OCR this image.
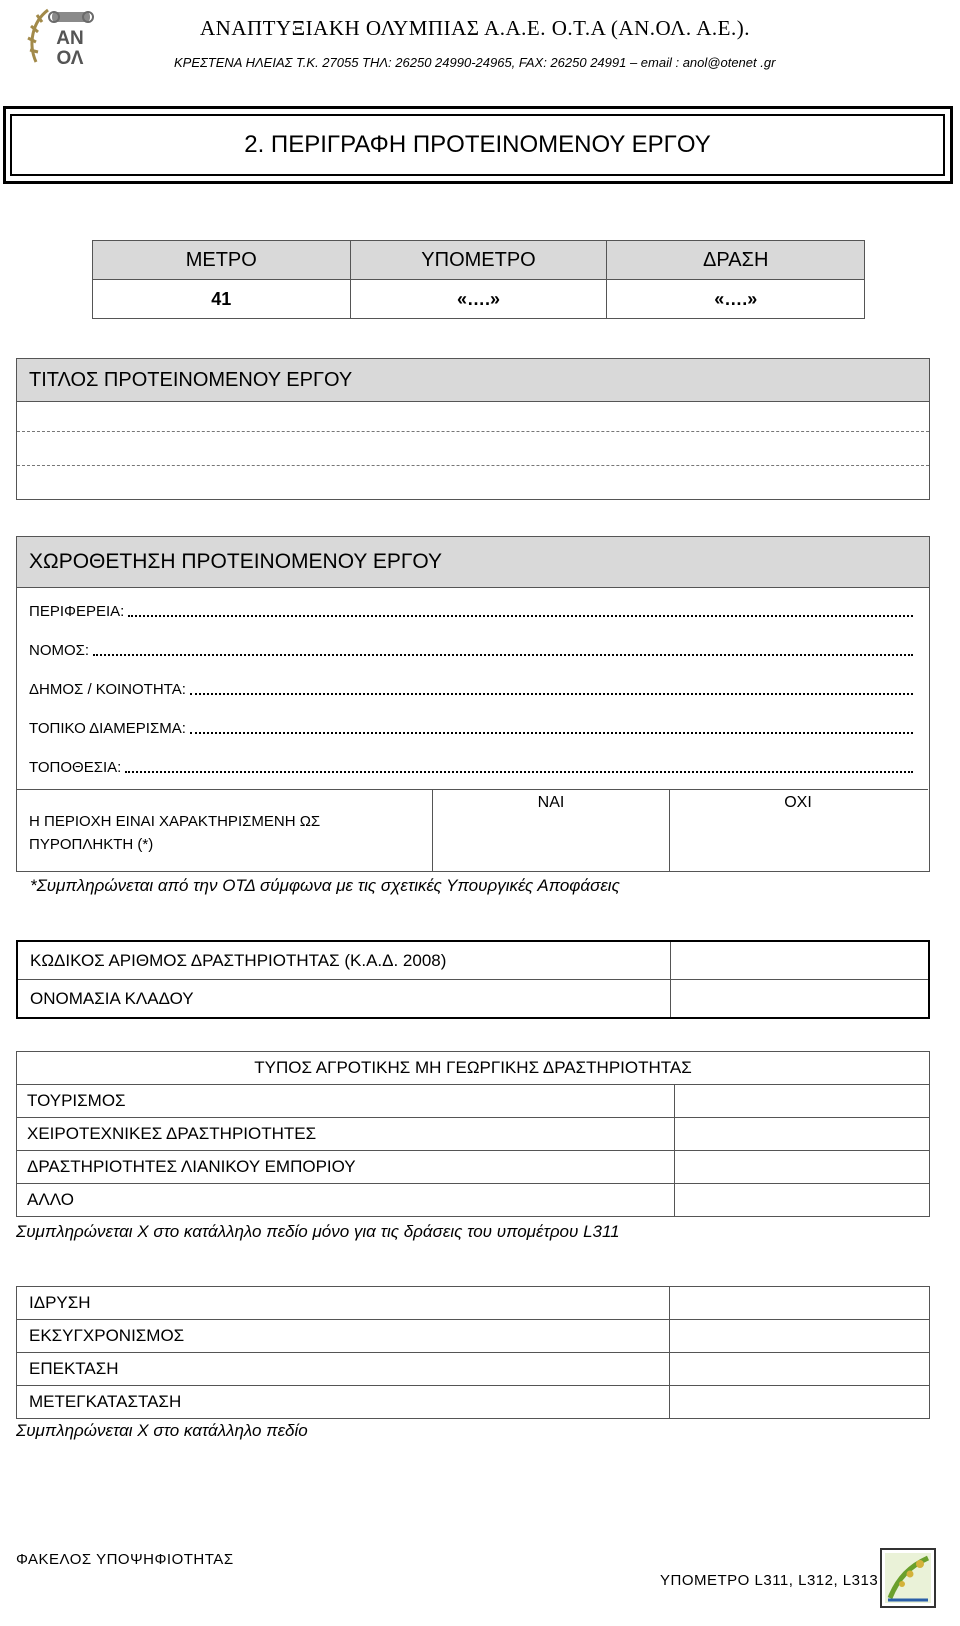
ΑΝ
ΟΛ
ΑΝΑΠΤΥΞΙΑΚΗ ΟΛΥΜΠΙΑΣ Α.Α.Ε. Ο.Τ.Α (ΑΝ.ΟΛ. Α.Ε.).
ΚΡΕΣΤΕΝΑ ΗΛΕΙΑΣ Τ.Κ. 27055 ΤΗΛ: 26250 24990-24965, FAX: 26250 24991 – email : anol@otenet .gr
2. ΠΕΡΙΓΡΑΦΗ ΠΡΟΤΕΙΝΟΜΕΝΟΥ ΕΡΓΟΥ
ΜΕΤΡΟ	ΥΠΟΜΕΤΡΟ	ΔΡΑΣΗ
41	«….»	«….»
ΤΙΤΛΟΣ ΠΡΟΤΕΙΝΟΜΕΝΟΥ ΕΡΓΟΥ
ΧΩΡΟΘΕΤΗΣΗ ΠΡΟΤΕΙΝΟΜΕΝΟΥ ΕΡΓΟΥ
ΠΕΡΙΦΕΡΕΙΑ:
ΝΟΜΟΣ:
ΔΗΜΟΣ / ΚΟΙΝΟΤΗΤΑ:
ΤΟΠΙΚΟ ΔΙΑΜΕΡΙΣΜΑ:
ΤΟΠΟΘΕΣΙΑ:
Η ΠΕΡΙΟΧΗ ΕΙΝΑΙ ΧΑΡΑΚΤΗΡΙΣΜΕΝΗ ΩΣ
ΠΥΡΟΠΛΗΚΤΗ (*)
ΝΑΙ	ΟΧΙ
*Συμπληρώνεται από την ΟΤΔ σύμφωνα με τις σχετικές Υπουργικές Αποφάσεις
ΚΩΔΙΚΟΣ ΑΡΙΘΜΟΣ ΔΡΑΣΤΗΡΙΟΤΗΤΑΣ (Κ.Α.Δ. 2008)	
ΟΝΟΜΑΣΙΑ ΚΛΑΔΟΥ	
ΤΥΠΟΣ ΑΓΡΟΤΙΚΗΣ ΜΗ ΓΕΩΡΓΙΚΗΣ ΔΡΑΣΤΗΡΙΟΤΗΤΑΣ	
ΤΟΥΡΙΣΜΟΣ	
ΧΕΙΡΟΤΕΧΝΙΚΕΣ ΔΡΑΣΤΗΡΙΟΤΗΤΕΣ	
ΔΡΑΣΤΗΡΙΟΤΗΤΕΣ ΛΙΑΝΙΚΟΥ ΕΜΠΟΡΙΟΥ	
ΑΛΛΟ	
Συμπληρώνεται Χ στο κατάλληλο πεδίο μόνο για τις δράσεις του υπομέτρου L311
ΙΔΡΥΣΗ	
ΕΚΣΥΓΧΡΟΝΙΣΜΟΣ	
ΕΠΕΚΤΑΣΗ	
ΜΕΤΕΓΚΑΤΑΣΤΑΣΗ	
Συμπληρώνεται Χ στο κατάλληλο πεδίο
ΦΑΚΕΛΟΣ ΥΠΟΨΗΦΙΟΤΗΤΑΣ
ΥΠΟΜΕΤΡΟ L311, L312, L313
